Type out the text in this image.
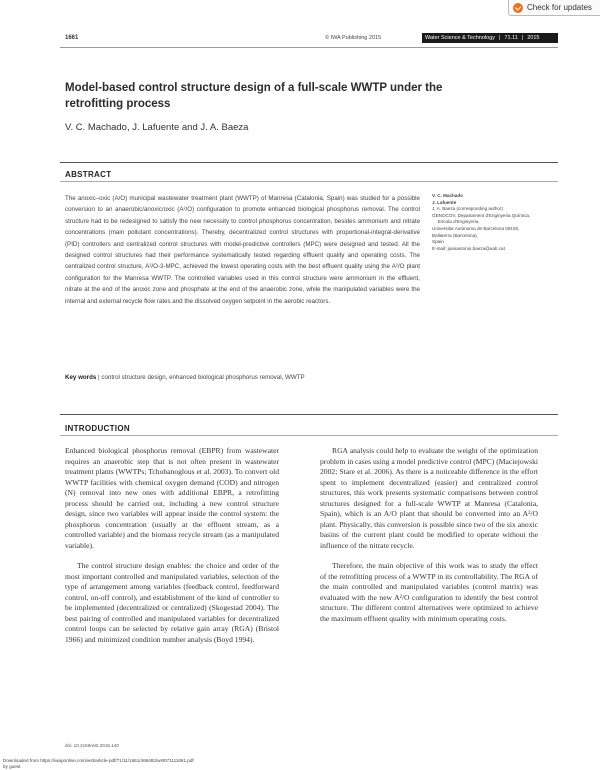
Check for updates
1661	© IWA Publishing 2015	Water Science & Technology | 71.11 | 2015
Model-based control structure design of a full-scale WWTP under the retrofitting process
V. C. Machado, J. Lafuente and J. A. Baeza
ABSTRACT
The anoxic–oxic (A/O) municipal wastewater treatment plant (WWTP) of Manresa (Catalonia, Spain) was studied for a possible conversion to an anaerobic/anoxic/oxic (A²/O) configuration to promote enhanced biological phosphorus removal. The control structure had to be redesigned to satisfy the new necessity to control phosphorus concentration, besides ammonium and nitrate concentrations (main pollutant concentrations). Thereby, decentralized control structures with proportional-integral-derivative (PID) controllers and centralized control structures with model-predictive controllers (MPC) were designed and tested. All the designed control structures had their performance systematically tested regarding effluent quality and operating costs. The centralized control structure, A²/O-3-MPC, achieved the lowest operating costs with the best effluent quality using the A²/O plant configuration for the Manresa WWTP. The controlled variables used in this control structure were ammonium in the effluent, nitrate at the end of the anoxic zone and phosphate at the end of the anaerobic zone, while the manipulated variables were the internal and external recycle flow rates and the dissolved oxygen setpoint in the aerobic reactors.
Key words | control structure design, enhanced biological phosphorus removal, WWTP
V. C. Machado
J. Lafuente
J. A. Baeza (corresponding author)
GENOCOV, Departament d'Enginyeria Química,
Escola d'Enginyeria,
Universitat Autònoma de Barcelona 08193,
Bellaterra (Barcelona),
Spain
E-mail: juanantonio.baeza@uab.cat
INTRODUCTION

Enhanced biological phosphorus removal (EBPR) from wastewater requires an anaerobic step that is not often present in wastewater treatment plants (WWTPs; Tchobanoglous et al. 2003). To convert old WWTP facilities with chemical oxygen demand (COD) and nitrogen (N) removal into new ones with additional EBPR, a retrofitting process should be carried out, including a new control structure design, since two variables will appear inside the control system: the phosphorus concentration (usually at the effluent stream, as a controlled variable) and the biomass recycle stream (as a manipulated variable).

The control structure design enables: the choice and order of the most important controlled and manipulated variables, selection of the type of arrangement among variables (feedback control, feedforward control, on-off control), and establishment of the kind of controller to be implemented (decentralized or centralized) (Skogestad 2004). The best pairing of controlled and manipulated variables for decentralized control loops can be selected by relative gain array (RGA) (Bristol 1966) and minimized condition number analysis (Boyd 1994).

RGA analysis could help to evaluate the weight of the optimization problem in cases using a model predictive control (MPC) (Maciejowski 2002; Stare et al. 2006). As there is a noticeable difference in the effort spent to implement decentralized (easier) and centralized control structures, this work presents systematic comparisons between control structures designed for a full-scale WWTP at Manresa (Catalonia, Spain), which is an A/O plant that should be converted into an A²/O plant. Physically, this conversion is possible since two of the six anoxic basins of the current plant could be modified to operate without the influence of the nitrate recycle.

Therefore, the main objective of this work was to study the effect of the retrofitting process of a WWTP in its controllability. The RGA of the main controlled and manipulated variables (control matrix) was evaluated with the new A²/O configuration to identify the best control structure. The different control alternatives were optimized to achieve the maximum effluent quality with minimum operating costs.

doi: 10.2166/wst.2015.140
Downloaded from https://iwaponline.com/wst/article-pdf/71/11/1661/468482/wst071111661.pdf
by guest
